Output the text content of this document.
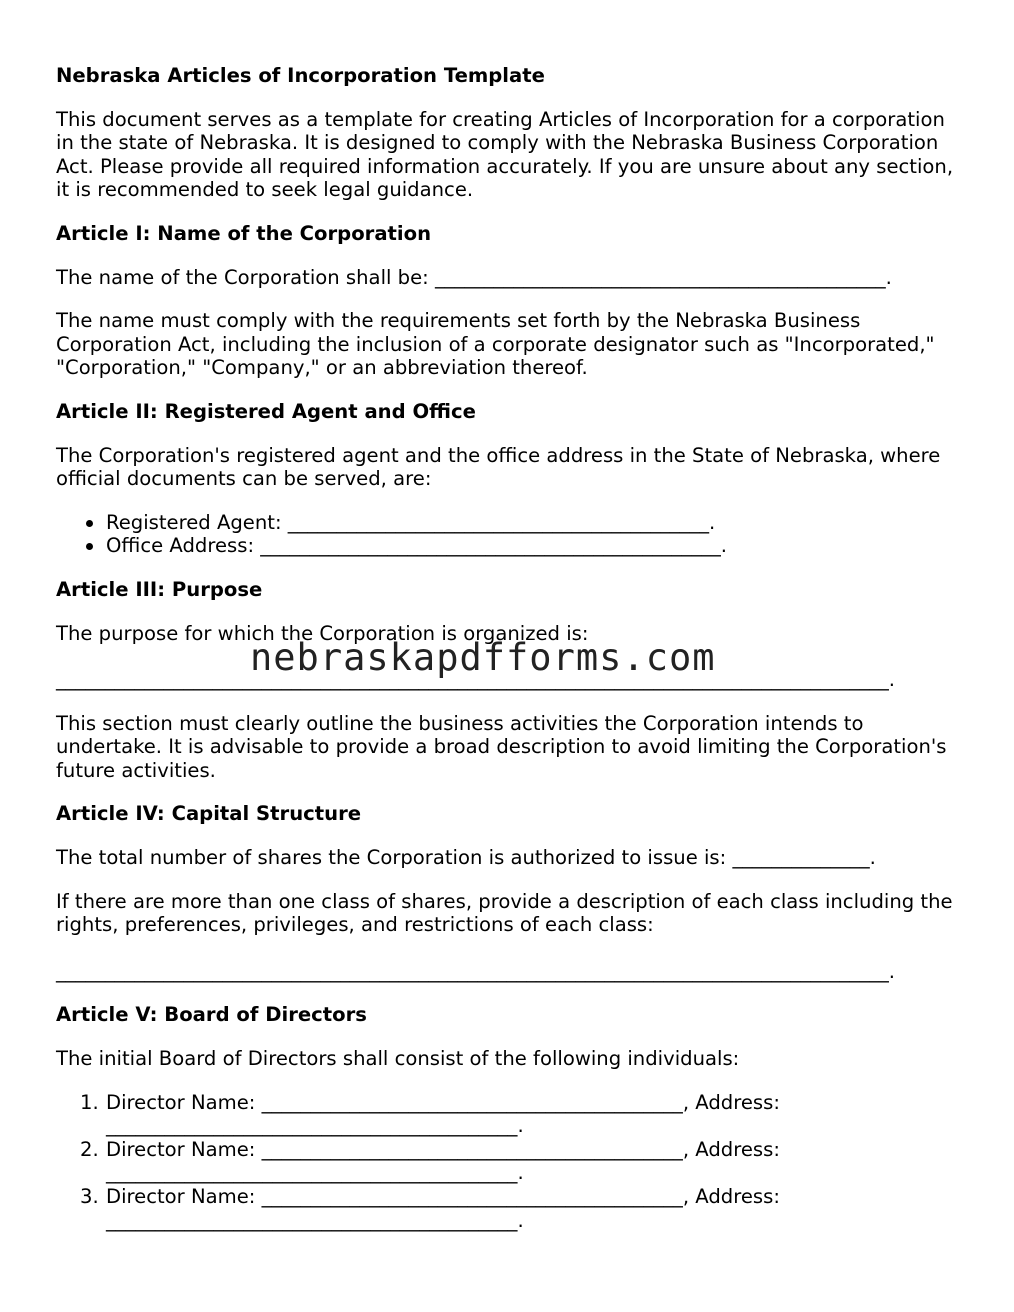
Nebraska Articles of Incorporation Template

This document serves as a template for creating Articles of Incorporation for a corporation in the state of Nebraska. It is designed to comply with the Nebraska Business Corporation Act. Please provide all required information accurately. If you are unsure about any section, it is recommended to seek legal guidance.

Article I: Name of the Corporation

The name of the Corporation shall be: ______________________________________________.

The name must comply with the requirements set forth by the Nebraska Business Corporation Act, including the inclusion of a corporate designator such as "Incorporated," "Corporation," "Company," or an abbreviation thereof.

Article II: Registered Agent and Office

The Corporation's registered agent and the office address in the State of Nebraska, where official documents can be served, are:

Registered Agent: ___________________________________________.
Office Address: _______________________________________________.

Article III: Purpose

The purpose for which the Corporation is organized is:

_____________________________________________________________________________________.

This section must clearly outline the business activities the Corporation intends to undertake. It is advisable to provide a broad description to avoid limiting the Corporation's future activities.

Article IV: Capital Structure

The total number of shares the Corporation is authorized to issue is: ______________.

If there are more than one class of shares, provide a description of each class including the rights, preferences, privileges, and restrictions of each class:

_____________________________________________________________________________________.

Article V: Board of Directors

The initial Board of Directors shall consist of the following individuals:

1. Director Name: ___________________________________________, Address: __________________________________________.
2. Director Name: ___________________________________________, Address: __________________________________________.
3. Director Name: ___________________________________________, Address: __________________________________________.
nebraskapdfforms.com
